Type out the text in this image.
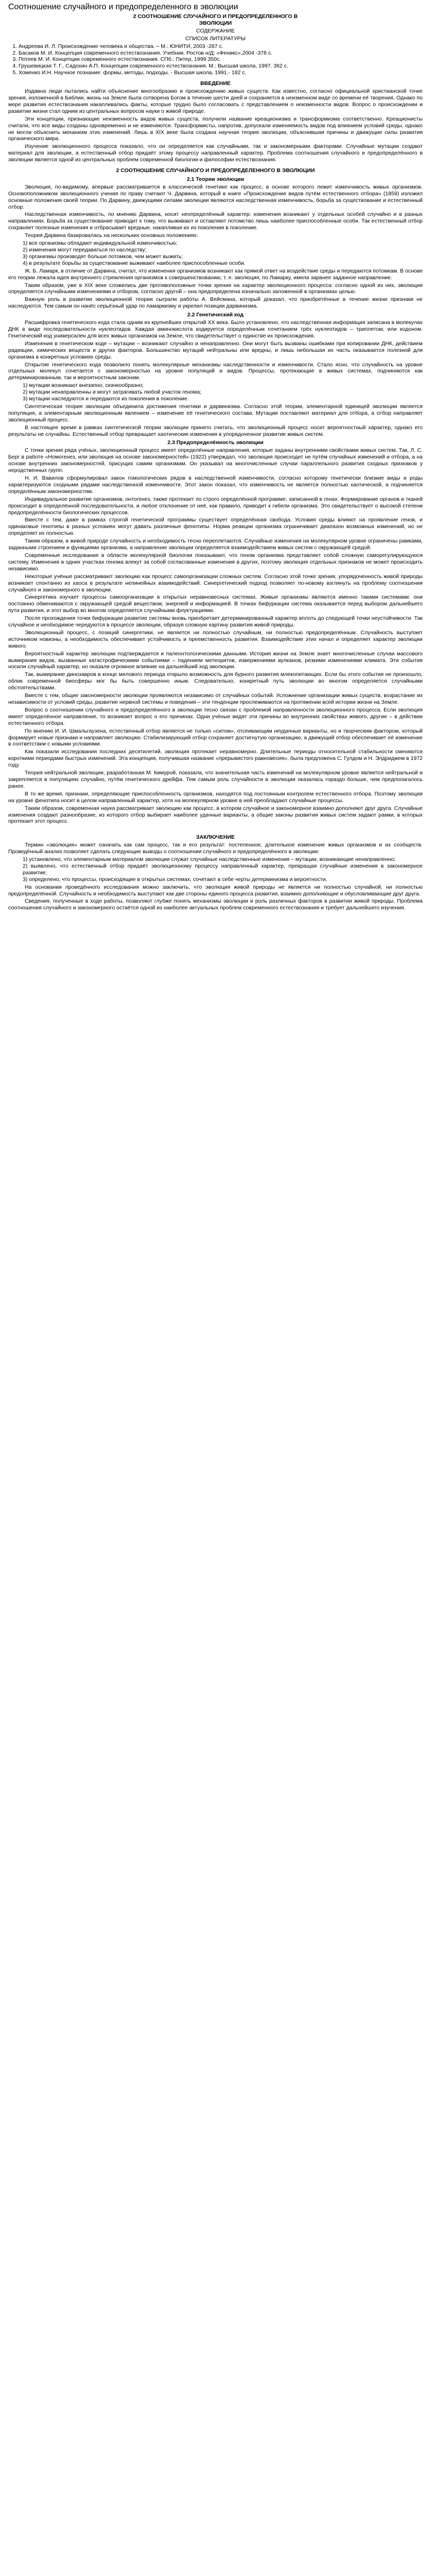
Соотношение случайного и предопределенного в эволюции
2 СООТНОШЕНИЕ СЛУЧАЙНОГО И ПРЕДОПРЕДЕЛЕННОГО В
ЭВОЛЮЦИИ
СОДЕРЖАНИЕ
СПИСОК ЛИТЕРАТУРЫ
1. Андреева И. Л. Происхождение человека и общества. – М.: ЮНИТИ, 2003 -287 с.
2. Басаков М. И. Концепция современного естествознания. Учебник. Ростов н/Д: «Феникс»,2004 -378 с.
3. Потеев М. И. Концепции современного естествознания. СПб.: Питер, 1999 350с.
4. Грушевицкая Т. Г., Садохин А.П. Концепции современного естествознания. М.: Высшая школа, 1997. 362 с.
5. Хоменко И.Н. Научное познание: формы, методы, подходы. - Высшая школа, 1991.- 182 с.
ВВЕДЕНИЕ

Издавна люди пытались найти объяснение многообразию и происхождению живых существ. Как известно, согласно официальной христианской точке зрения, изложенной в Библии, жизнь на Земле была сотворена Богом в течение шести дней и сохраняется в неизменном виде со времени её творения. Однако по мере развития естествознания накапливались факты, которые трудно было согласовать с представлением о неизменности видов. Вопрос о происхождении и развитии жизни стал одним из центральных вопросов науки о живой природе.

Эти концепции, признающие неизменность видов живых существ, получили название креационизма и трансформизма соответственно. Креационисты считали, что все виды созданы одновременно и не изменяются. Трансформисты, напротив, допускали изменяемость видов под влиянием условий среды, однако не могли объяснить механизм этих изменений. Лишь в XIX веке была создана научная теория эволюции, объяснившая причины и движущие силы развития органического мира.

Изучение эволюционного процесса показало, что он определяется как случайными, так и закономерными факторами. Случайные мутации создают материал для эволюции, а естественный отбор придаёт этому процессу направленный характер. Проблема соотношения случайного и предопределённого в эволюции является одной из центральных проблем современной биологии и философии естествознания.

2 СООТНОШЕНИЕ СЛУЧАЙНОГО И ПРЕДОПРЕДЕЛЕННОГО В ЭВОЛЮЦИИ
2.1 Теории эволюции

Эволюция, по-видимому, впервые рассматривается в классической генетике как процесс, в основе которого лежит изменчивость живых организмов. Основоположником эволюционного учения по праву считают Ч. Дарвина, который в книге «Происхождение видов путём естественного отбора» (1859) изложил основные положения своей теории. По Дарвину, движущими силами эволюции являются наследственная изменчивость, борьба за существование и естественный отбор.

Наследственная изменчивость, по мнению Дарвина, носит неопределённый характер: изменения возникают у отдельных особей случайно и в разных направлениях. Борьба за существование приводит к тому, что выживают и оставляют потомство лишь наиболее приспособленные особи. Так естественный отбор сохраняет полезные изменения и отбрасывает вредные, накапливая их из поколения в поколение.

Теория Дарвина базировалась на нескольких основных положениях:

1) все организмы обладают индивидуальной изменчивостью;
2) изменения могут передаваться по наследству;
3) организмы производят больше потомков, чем может выжить;
4) в результате борьбы за существование выживают наиболее приспособленные особи.

Ж. Б. Ламарк, в отличие от Дарвина, считал, что изменения организмов возникают как прямой ответ на воздействие среды и передаются потомкам. В основе его теории лежала идея внутреннего стремления организмов к совершенствованию, т. е. эволюция, по Ламарку, имела заранее заданное направление.

Таким образом, уже в XIX веке сложились две противоположные точки зрения на характер эволюционного процесса: согласно одной из них, эволюция определяется случайными изменениями и отбором, согласно другой – она предопределена изначально заложенной в организмах целью.

Важную роль в развитии эволюционной теории сыграли работы А. Вейсмана, который доказал, что приобретённые в течение жизни признаки не наследуются. Тем самым он нанёс серьёзный удар по ламаркизму и укрепил позиции дарвинизма.

2.2 Генетический код

Расшифровка генетического кода стала одним из крупнейших открытий XX века. Было установлено, что наследственная информация записана в молекулах ДНК в виде последовательности нуклеотидов. Каждая аминокислота кодируется определённым сочетанием трёх нуклеотидов – триплетом, или кодоном. Генетический код универсален для всех живых организмов на Земле, что свидетельствует о единстве их происхождения.

Изменения в генетическом коде – мутации – возникают случайно и ненаправленно. Они могут быть вызваны ошибками при копировании ДНК, действием радиации, химических веществ и других факторов. Большинство мутаций нейтральны или вредны, и лишь небольшая их часть оказывается полезной для организма в конкретных условиях среды.

Открытие генетического кода позволило понять молекулярные механизмы наследственности и изменчивости. Стало ясно, что случайность на уровне отдельных молекул сочетается с закономерностью на уровне популяций и видов. Процессы, протекающие в живых системах, подчиняются как детерминированным, так и вероятностным законам.

1) мутации возникают внезапно, скачкообразно;
2) мутации ненаправленны и могут затрагивать любой участок генома;
3) мутации наследуются и передаются из поколения в поколение.

Синтетическая теория эволюции объединила достижения генетики и дарвинизма. Согласно этой теории, элементарной единицей эволюции является популяция, а элементарным эволюционным явлением – изменение её генетического состава. Мутации поставляют материал для отбора, а отбор направляет эволюционный процесс.

В настоящее время в рамках синтетической теории эволюции принято считать, что эволюционный процесс носит вероятностный характер, однако его результаты не случайны. Естественный отбор превращает хаотические изменения в упорядоченное развитие живых систем.

2.3 Предопределённость эволюции

С точки зрения ряда учёных, эволюционный процесс имеет определённые направления, которые заданы внутренними свойствами живых систем. Так, Л. С. Берг в работе «Номогенез, или эволюция на основе закономерностей» (1922) утверждал, что эволюция происходит не путём случайных изменений и отбора, а на основе внутренних закономерностей, присущих самим организмам. Он указывал на многочисленные случаи параллельного развития сходных признаков у неродственных групп.

Н. И. Вавилов сформулировал закон гомологических рядов в наследственной изменчивости, согласно которому генетически близкие виды и роды характеризуются сходными рядами наследственной изменчивости. Этот закон показал, что изменчивость не является полностью хаотической, а подчиняется определённым закономерностям.

Индивидуальное развитие организмов, онтогенез, также протекает по строго определённой программе, записанной в генах. Формирование органов и тканей происходит в определённой последовательности, и любое отклонение от неё, как правило, приводит к гибели организма. Это свидетельствует о высокой степени предопределённости биологических процессов.

Вместе с тем, даже в рамках строгой генетической программы существует определённая свобода. Условия среды влияют на проявление генов, и одинаковые генотипы в разных условиях могут давать различные фенотипы. Норма реакции организма ограничивает диапазон возможных изменений, но не определяет их полностью.

Таким образом, в живой природе случайность и необходимость тесно переплетаются. Случайные изменения на молекулярном уровне ограничены рамками, заданными строением и функциями организма, а направление эволюции определяется взаимодействием живых систем с окружающей средой.

Современные исследования в области молекулярной биологии показывают, что геном организма представляет собой сложную саморегулирующуюся систему. Изменения в одних участках генома влекут за собой согласованные изменения в других, поэтому эволюция отдельных признаков не может происходить независимо.

Некоторые учёные рассматривают эволюцию как процесс самоорганизации сложных систем. Согласно этой точке зрения, упорядоченность живой природы возникает спонтанно из хаоса в результате нелинейных взаимодействий. Синергетический подход позволяет по-новому взглянуть на проблему соотношения случайного и закономерного в эволюции.

Синергетика изучает процессы самоорганизации в открытых неравновесных системах. Живые организмы являются именно такими системами: они постоянно обмениваются с окружающей средой веществом, энергией и информацией. В точках бифуркации система оказывается перед выбором дальнейшего пути развития, и этот выбор во многом определяется случайными флуктуациями.

После прохождения точки бифуркации развитие системы вновь приобретает детерминированный характер вплоть до следующей точки неустойчивости. Так случайное и необходимое чередуются в процессе эволюции, образуя сложную картину развития живой природы.

Эволюционный процесс, с позиций синергетики, не является ни полностью случайным, ни полностью предопределённым. Случайность выступает источником новизны, а необходимость обеспечивает устойчивость и преемственность развития. Взаимодействие этих начал и определяет характер эволюции живого.

Вероятностный характер эволюции подтверждается и палеонтологическими данными. История жизни на Земле знает многочисленные случаи массового вымирания видов, вызванные катастрофическими событиями – падением метеоритов, извержениями вулканов, резкими изменениями климата. Эти события носили случайный характер, но оказали огромное влияние на дальнейший ход эволюции.

Так, вымирание динозавров в конце мелового периода открыло возможность для бурного развития млекопитающих. Если бы этого события не произошло, облик современной биосферы мог бы быть совершенно иным. Следовательно, конкретный путь эволюции во многом определяется случайными обстоятельствами.

Вместе с тем, общие закономерности эволюции проявляются независимо от случайных событий. Усложнение организации живых существ, возрастание их независимости от условий среды, развитие нервной системы и поведения – эти тенденции прослеживаются на протяжении всей истории жизни на Земле.

Вопрос о соотношении случайного и предопределённого в эволюции тесно связан с проблемой направленности эволюционного процесса. Если эволюция имеет определённое направление, то возникает вопрос о его причинах. Одни учёные видят эти причины во внутренних свойствах живого, другие – в действии естественного отбора.

По мнению И. И. Шмальгаузена, естественный отбор является не только «ситом», отсеивающим неудачные варианты, но и творческим фактором, который формирует новые признаки и направляет эволюцию. Стабилизирующий отбор сохраняет достигнутую организацию, а движущий отбор обеспечивает её изменение в соответствии с новыми условиями.

Как показали исследования последних десятилетий, эволюция протекает неравномерно. Длительные периоды относительной стабильности сменяются короткими периодами быстрых изменений. Эта концепция, получившая название «прерывистого равновесия», была предложена С. Гулдом и Н. Элдриджем в 1972 году.

Теория нейтральной эволюции, разработанная М. Кимурой, показала, что значительная часть изменений на молекулярном уровне является нейтральной и закрепляется в популяциях случайно, путём генетического дрейфа. Тем самым роль случайности в эволюции оказалась гораздо больше, чем предполагалось ранее.

В то же время, признаки, определяющие приспособленность организмов, находятся под постоянным контролем естественного отбора. Поэтому эволюция на уровне фенотипа носит в целом направленный характер, хотя на молекулярном уровне в ней преобладают случайные процессы.

Таким образом, современная наука рассматривает эволюцию как процесс, в котором случайное и закономерное взаимно дополняют друг друга. Случайные изменения создают разнообразие, из которого отбор выбирает наиболее удачные варианты, а общие законы развития живых систем задают рамки, в которых протекает этот процесс.

ЗАКЛЮЧЕНИЕ

Термин «эволюция» может означать как сам процесс, так и его результат: постепенное, длительное изменение живых организмов и их сообществ. Проведённый анализ позволяет сделать следующие выводы о соотношении случайного и предопределённого в эволюции:

1) установлено, что элементарным материалом эволюции служат случайные наследственные изменения – мутации, возникающие ненаправленно;
2) выявлено, что естественный отбор придаёт эволюционному процессу направленный характер, превращая случайные изменения в закономерное развитие;
3) определено, что процессы, происходящие в открытых системах, сочетают в себе черты детерминизма и вероятности.

На основании проведённого исследования можно заключить, что эволюция живой природы не является ни полностью случайной, ни полностью предопределённой. Случайность и необходимость выступают как две стороны единого процесса развития, взаимно дополняющие и обусловливающие друг друга.

Сведения, полученные в ходе работы, позволяют глубже понять механизмы эволюции и роль различных факторов в развитии живой природы. Проблема соотношения случайного и закономерного остаётся одной из наиболее актуальных проблем современного естествознания и требует дальнейшего изучения.
